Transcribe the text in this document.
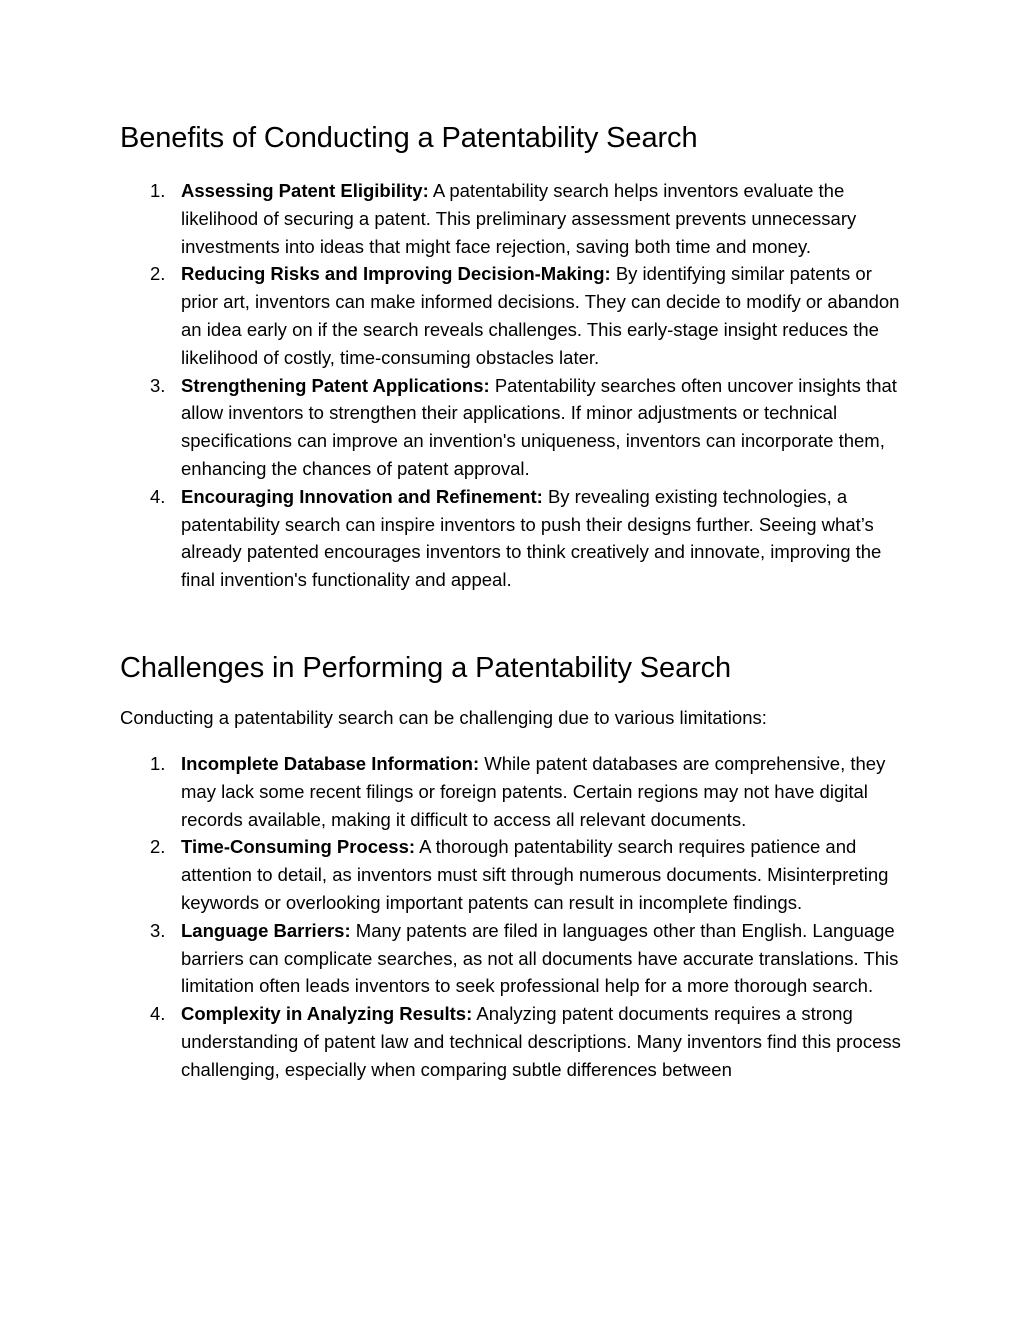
Benefits of Conducting a Patentability Search
1. Assessing Patent Eligibility: A patentability search helps inventors evaluate the likelihood of securing a patent. This preliminary assessment prevents unnecessary investments into ideas that might face rejection, saving both time and money.
2. Reducing Risks and Improving Decision-Making: By identifying similar patents or prior art, inventors can make informed decisions. They can decide to modify or abandon an idea early on if the search reveals challenges. This early-stage insight reduces the likelihood of costly, time-consuming obstacles later.
3. Strengthening Patent Applications: Patentability searches often uncover insights that allow inventors to strengthen their applications. If minor adjustments or technical specifications can improve an invention's uniqueness, inventors can incorporate them, enhancing the chances of patent approval.
4. Encouraging Innovation and Refinement: By revealing existing technologies, a patentability search can inspire inventors to push their designs further. Seeing what’s already patented encourages inventors to think creatively and innovate, improving the final invention's functionality and appeal.
Challenges in Performing a Patentability Search

Conducting a patentability search can be challenging due to various limitations:

1. Incomplete Database Information: While patent databases are comprehensive, they may lack some recent filings or foreign patents. Certain regions may not have digital records available, making it difficult to access all relevant documents.
2. Time-Consuming Process: A thorough patentability search requires patience and attention to detail, as inventors must sift through numerous documents. Misinterpreting keywords or overlooking important patents can result in incomplete findings.
3. Language Barriers: Many patents are filed in languages other than English. Language barriers can complicate searches, as not all documents have accurate translations. This limitation often leads inventors to seek professional help for a more thorough search.
4. Complexity in Analyzing Results: Analyzing patent documents requires a strong understanding of patent law and technical descriptions. Many inventors find this process challenging, especially when comparing subtle differences between
